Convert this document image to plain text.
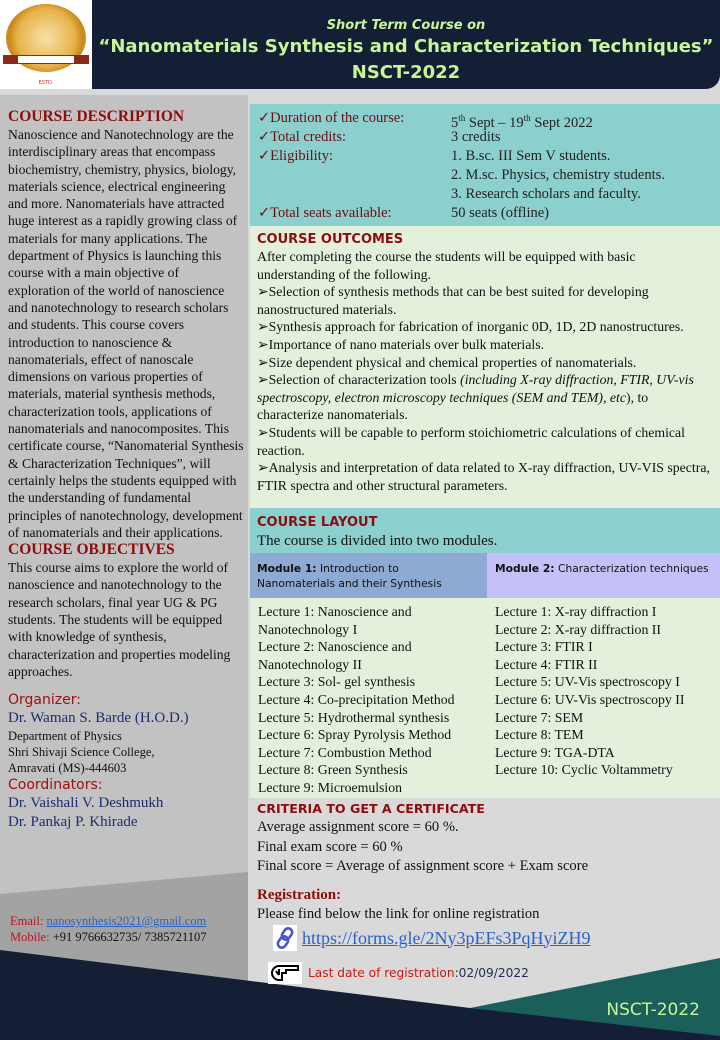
ESTD.
Short Term Course on
“Nanomaterials Synthesis and Characterization Techniques”
NSCT-2022
COURSE DESCRIPTION
Nanoscience and Nanotechnology are the interdisciplinary areas that encompass biochemistry, chemistry, physics, biology, materials science, electrical engineering and more. Nanomaterials have attracted huge interest as a rapidly growing class of materials for many applications. The department of Physics is launching this course with a main objective of exploration of the world of nanoscience and nanotechnology to research scholars and students. This course covers introduction to nanoscience & nanomaterials, effect of nanoscale dimensions on various properties of materials, material synthesis methods, characterization tools, applications of nanomaterials and nanocomposites. This certificate course, “Nanomaterial Synthesis & Characterization Techniques”, will certainly helps the students equipped with the understanding of fundamental principles of nanotechnology, development of nanomaterials and their applications.
COURSE OBJECTIVES
This course aims to explore the world of nanoscience and nanotechnology to the research scholars, final year UG & PG students. The students will be equipped with knowledge of synthesis, characterization and properties modeling approaches.
Organizer:
Dr. Waman S. Barde (H.O.D.)
Department of Physics
Shri Shivaji Science College,
Amravati (MS)-444603
Coordinators:
Dr. Vaishali V. Deshmukh
Dr. Pankaj P. Khirade
Email: nanosynthesis2021@gmail.com
Mobile: +91 9766632735/ 7385721107
✓Duration of the course:	5th Sept – 19th Sept 2022
✓Total credits:	3 credits
✓Eligibility:	1. B.sc. III Sem V students.
2. M.sc. Physics, chemistry students.
3. Research scholars and faculty.
✓Total seats available:	50 seats (offline)
COURSE OUTCOMES
After completing the course the students will be equipped with basic understanding of the following.
➢Selection of synthesis methods that can be best suited for developing nanostructured materials.
➢Synthesis approach for fabrication of inorganic 0D, 1D, 2D nanostructures.
➢Importance of nano materials over bulk materials.
➢Size dependent physical and chemical properties of nanomaterials.
➢Selection of characterization tools (including X-ray diffraction, FTIR, UV-vis spectroscopy, electron microscopy techniques (SEM and TEM), etc), to characterize nanomaterials.
➢Students will be capable to perform stoichiometric calculations of chemical reaction.
➢Analysis and interpretation of data related to X-ray diffraction, UV-VIS spectra, FTIR spectra and other structural parameters.
COURSE LAYOUT
The course is divided into two modules.
Module 1: Introduction to Nanomaterials and their Synthesis
Module 2: Characterization techniques
Lecture 1: Nanoscience and Nanotechnology I
Lecture 2: Nanoscience and Nanotechnology II
Lecture 3: Sol- gel synthesis
Lecture 4: Co-precipitation Method
Lecture 5: Hydrothermal synthesis
Lecture 6: Spray Pyrolysis Method
Lecture 7: Combustion Method
Lecture 8: Green Synthesis
Lecture 9: Microemulsion
Lecture 1: X-ray diffraction I
Lecture 2: X-ray diffraction II
Lecture 3: FTIR I
Lecture 4: FTIR II
Lecture 5: UV-Vis spectroscopy I
Lecture 6: UV-Vis spectroscopy II
Lecture 7: SEM
Lecture 8: TEM
Lecture 9: TGA-DTA
Lecture 10: Cyclic Voltammetry
CRITERIA TO GET A CERTIFICATE
Average assignment score = 60 %.
Final exam score = 60 %
Final score = Average of assignment score + Exam score
Registration:
Please find below the link for online registration
https://forms.gle/2Ny3pEFs3PqHyiZH9
Last date of registration : 02/09/2022
NSCT-2022
